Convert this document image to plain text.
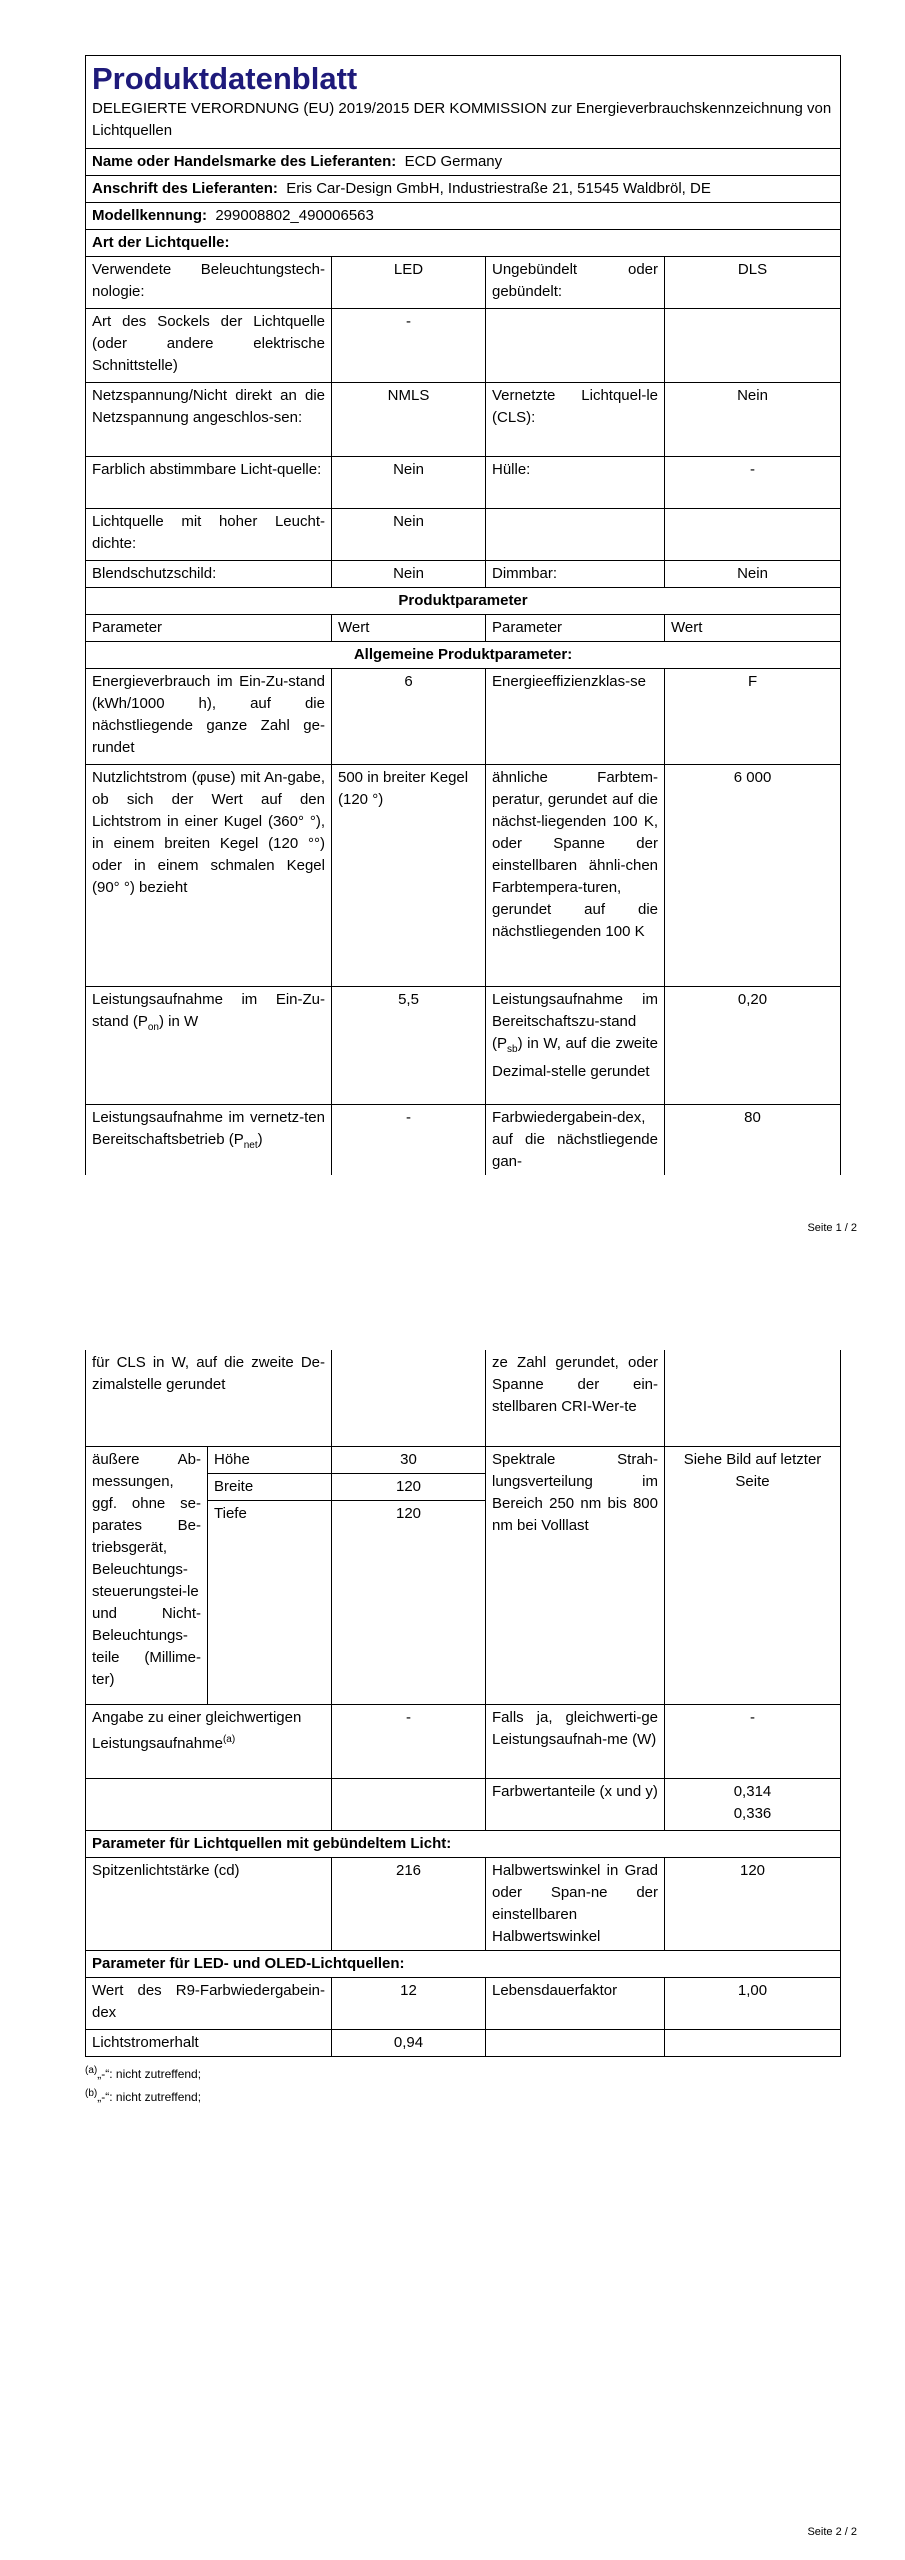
Produktdatenblatt
DELEGIERTE VERORDNUNG (EU) 2019/2015 DER KOMMISSION zur Energieverbrauchskennzeichnung von Lichtquellen			

Name oder Handelsmarke des Lieferanten: ECD Germany			
Anschrift des Lieferanten: Eris Car-Design GmbH, Industriestraße 21, 51545 Waldbröl, DE			
Modellkennung: 299008802_490006563			
Art der Lichtquelle:			
Verwendete Beleuchtungstech-nologie:	LED	Ungebündelt oder gebündelt:	DLS
Art des Sockels der Lichtquelle (oder andere elektrische Schnittstelle)	-		
Netzspannung/Nicht direkt an die Netzspannung angeschlos-sen:	NMLS	Vernetzte Lichtquel-le (CLS):	Nein
Farblich abstimmbare Licht-quelle:	Nein	Hülle:	-
Lichtquelle mit hoher Leucht-dichte:	Nein		
Blendschutzschild:	Nein	Dimmbar:	Nein
Produktparameter			
Parameter	Wert	Parameter	Wert
Allgemeine Produktparameter:			
Energieverbrauch im Ein-Zu-stand (kWh/1000 h), auf die nächstliegende ganze Zahl ge-rundet	6	Energieeffizienzklas-se	F
Nutzlichtstrom (φuse) mit An-gabe, ob sich der Wert auf den Lichtstrom in einer Kugel (360° °), in einem breiten Kegel (120 °°) oder in einem schmalen Kegel (90° °) bezieht	500 in breiter Kegel (120 °)	ähnliche Farbtem-peratur, gerundet auf die nächst-liegenden 100 K, oder Spanne der einstellbaren ähnli-chen Farbtempera-turen, gerundet auf die nächstliegenden 100 K	6 000
Leistungsaufnahme im Ein-Zu-stand $(P_{on})$ in W	5,5	Leistungsaufnahme im Bereitschaftszu-stand $(P_{sb})$ in W, auf die zweite Dezimal-stelle gerundet	0,20
Leistungsaufnahme im vernetz-ten Bereitschaftsbetrieb $(P_{net})$	-	Farbwiedergabein-dex, auf die nächstliegende gan-	80
Seite 1 / 2
für CLS in W, auf die zweite De-zimalstelle gerundet			ze Zahl gerundet, oder Spanne der ein-stellbaren CRI-Wer-te	
äußere Ab-messungen, ggf. ohne se-parates Be-triebsgerät, Beleuchtungs-steuerungstei-le und Nicht-Beleuchtungs-teile (Millime-ter)	Höhe	30	Spektrale Strah-lungsverteilung im Bereich 250 nm bis 800 nm bei Volllast	Siehe Bild auf letzter Seite
	Breite	120		
	Tiefe	120		

Angabe zu einer gleichwertigen Leistungsaufnahme$^{(a)}$		-	Falls ja, gleichwerti-ge Leistungsaufnah-me (W)	-
			Farbwertanteile (x und y)	0,314
0,336

Parameter für Lichtquellen mit gebündeltem Licht:				
Spitzenlichtstärke (cd)		216	Halbwertswinkel in Grad oder Span-ne der einstellbaren Halbwertswinkel	120
Parameter für LED- und OLED-Lichtquellen:				
Wert des R9-Farbwiedergabein-dex		12	Lebensdauerfaktor	1,00
Lichtstromerhalt		0,94		
$^{(a)}$„-“: nicht zutreffend;
$^{(b)}$„-“: nicht zutreffend;
Seite 2 / 2
